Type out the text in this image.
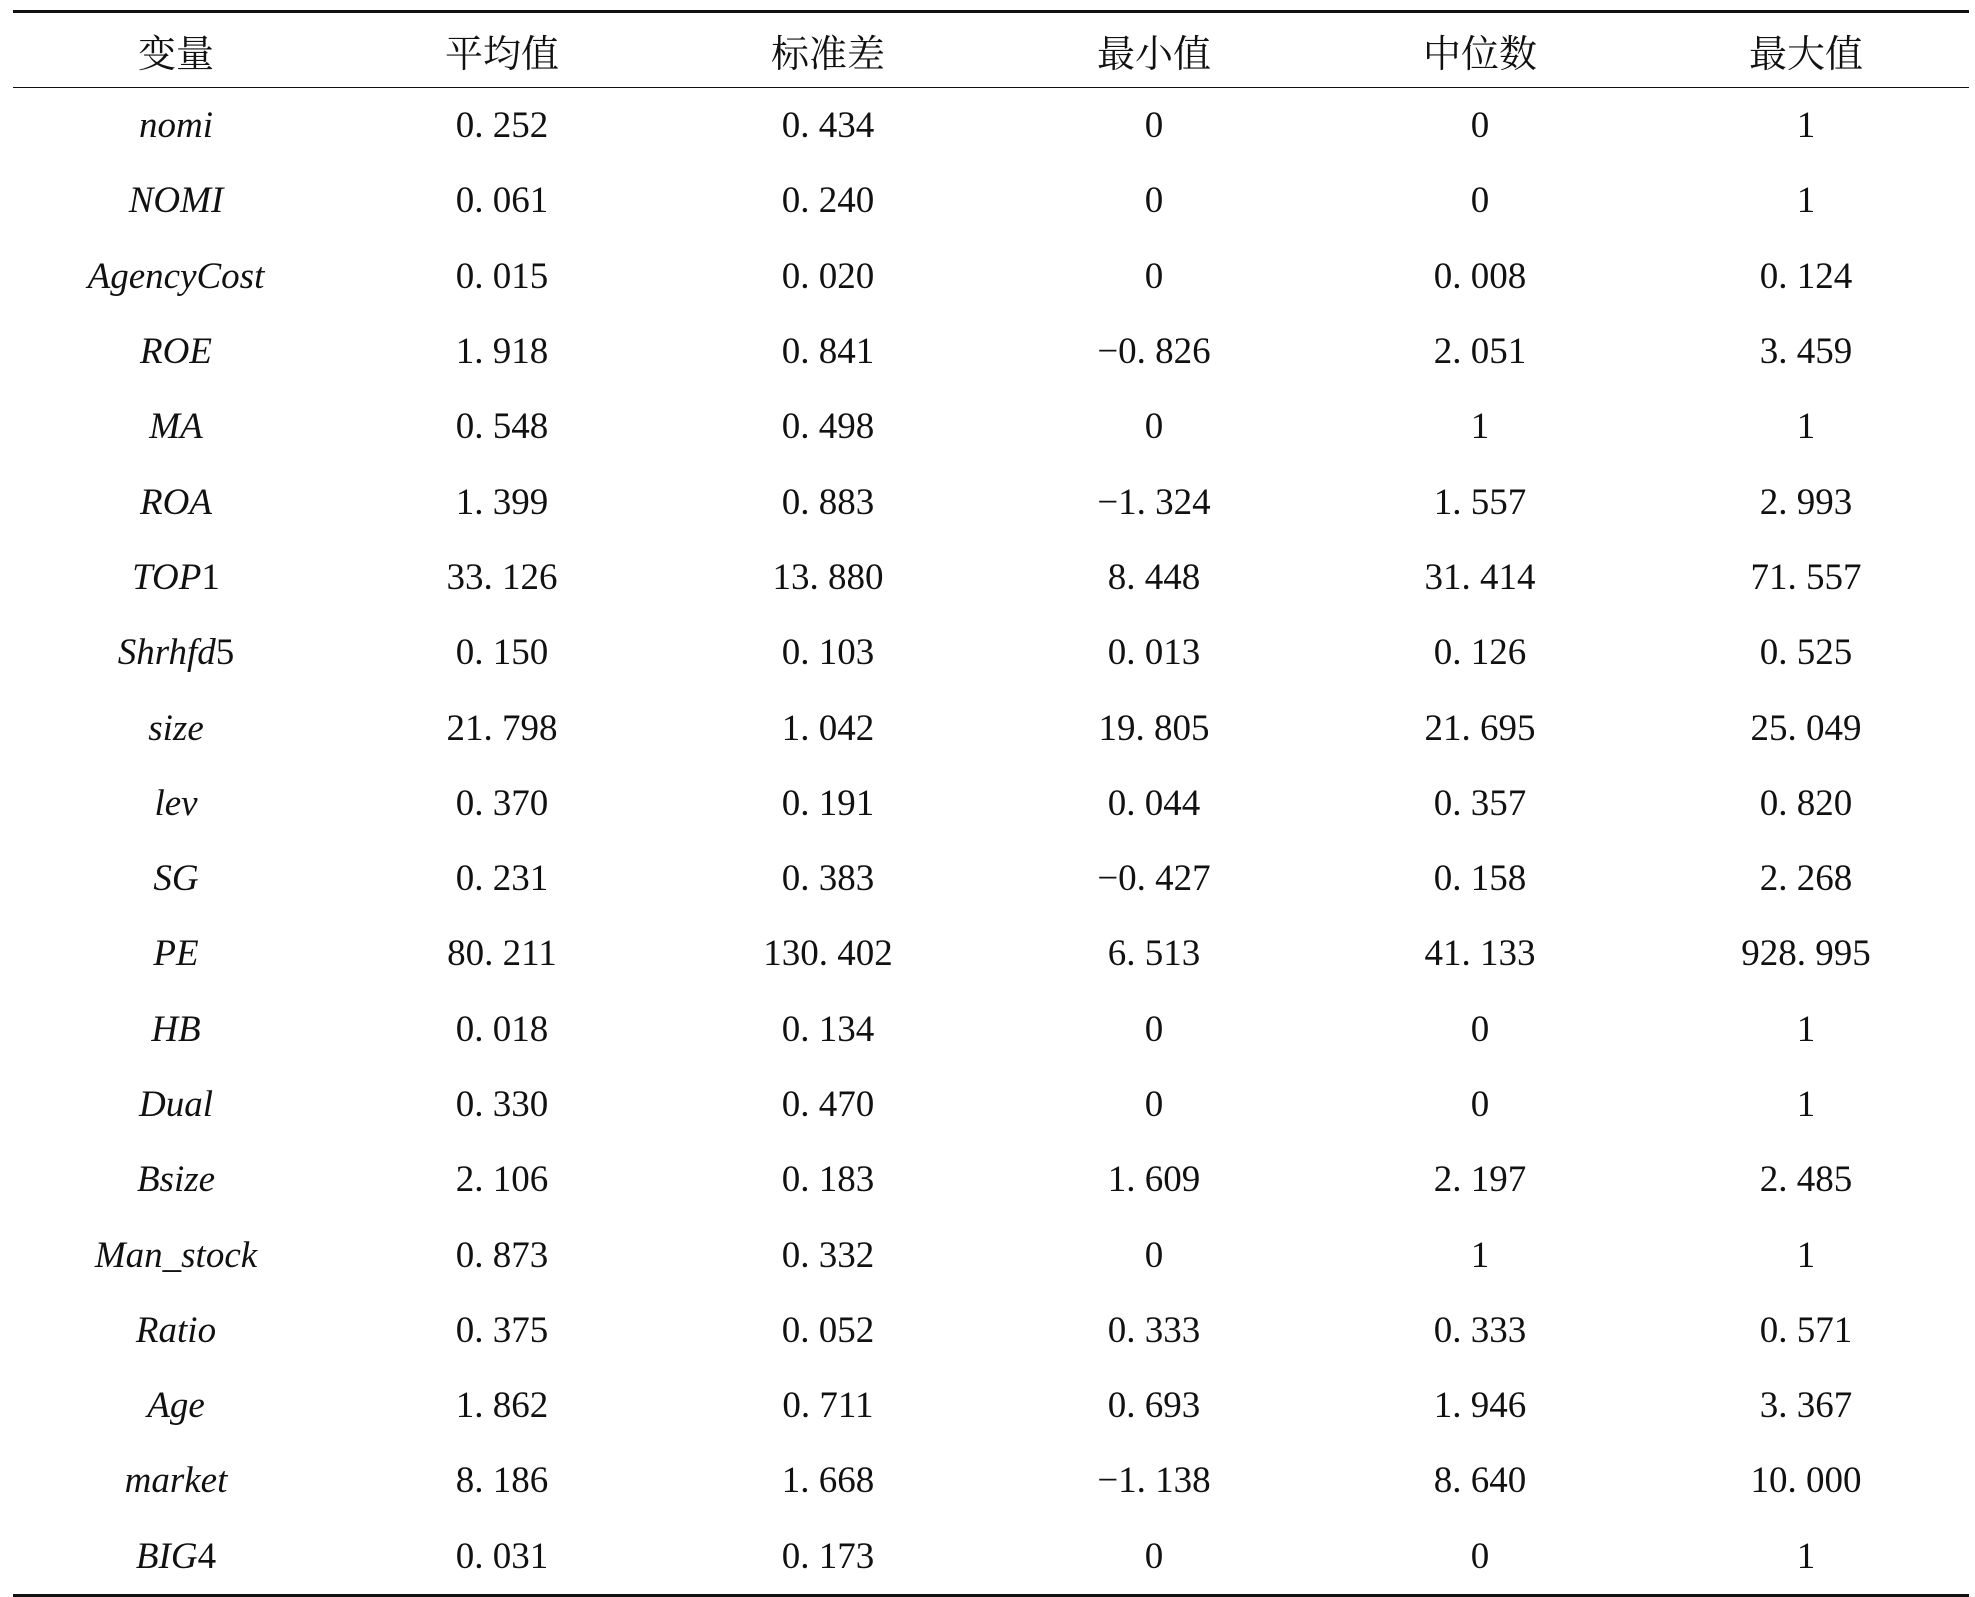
变量	平均值	标准差	最小值	中位数	最大值
nomi	0. 252	0. 434	0	0	1
NOMI	0. 061	0. 240	0	0	1
AgencyCost	0. 015	0. 020	0	0. 008	0. 124
ROE	1. 918	0. 841	−0. 826	2. 051	3. 459
MA	0. 548	0. 498	0	1	1
ROA	1. 399	0. 883	−1. 324	1. 557	2. 993
TOP1	33. 126	13. 880	8. 448	31. 414	71. 557
Shrhfd5	0. 150	0. 103	0. 013	0. 126	0. 525
size	21. 798	1. 042	19. 805	21. 695	25. 049
lev	0. 370	0. 191	0. 044	0. 357	0. 820
SG	0. 231	0. 383	−0. 427	0. 158	2. 268
PE	80. 211	130. 402	6. 513	41. 133	928. 995
HB	0. 018	0. 134	0	0	1
Dual	0. 330	0. 470	0	0	1
Bsize	2. 106	0. 183	1. 609	2. 197	2. 485
Man_stock	0. 873	0. 332	0	1	1
Ratio	0. 375	0. 052	0. 333	0. 333	0. 571
Age	1. 862	0. 711	0. 693	1. 946	3. 367
market	8. 186	1. 668	−1. 138	8. 640	10. 000
BIG4	0. 031	0. 173	0	0	1
